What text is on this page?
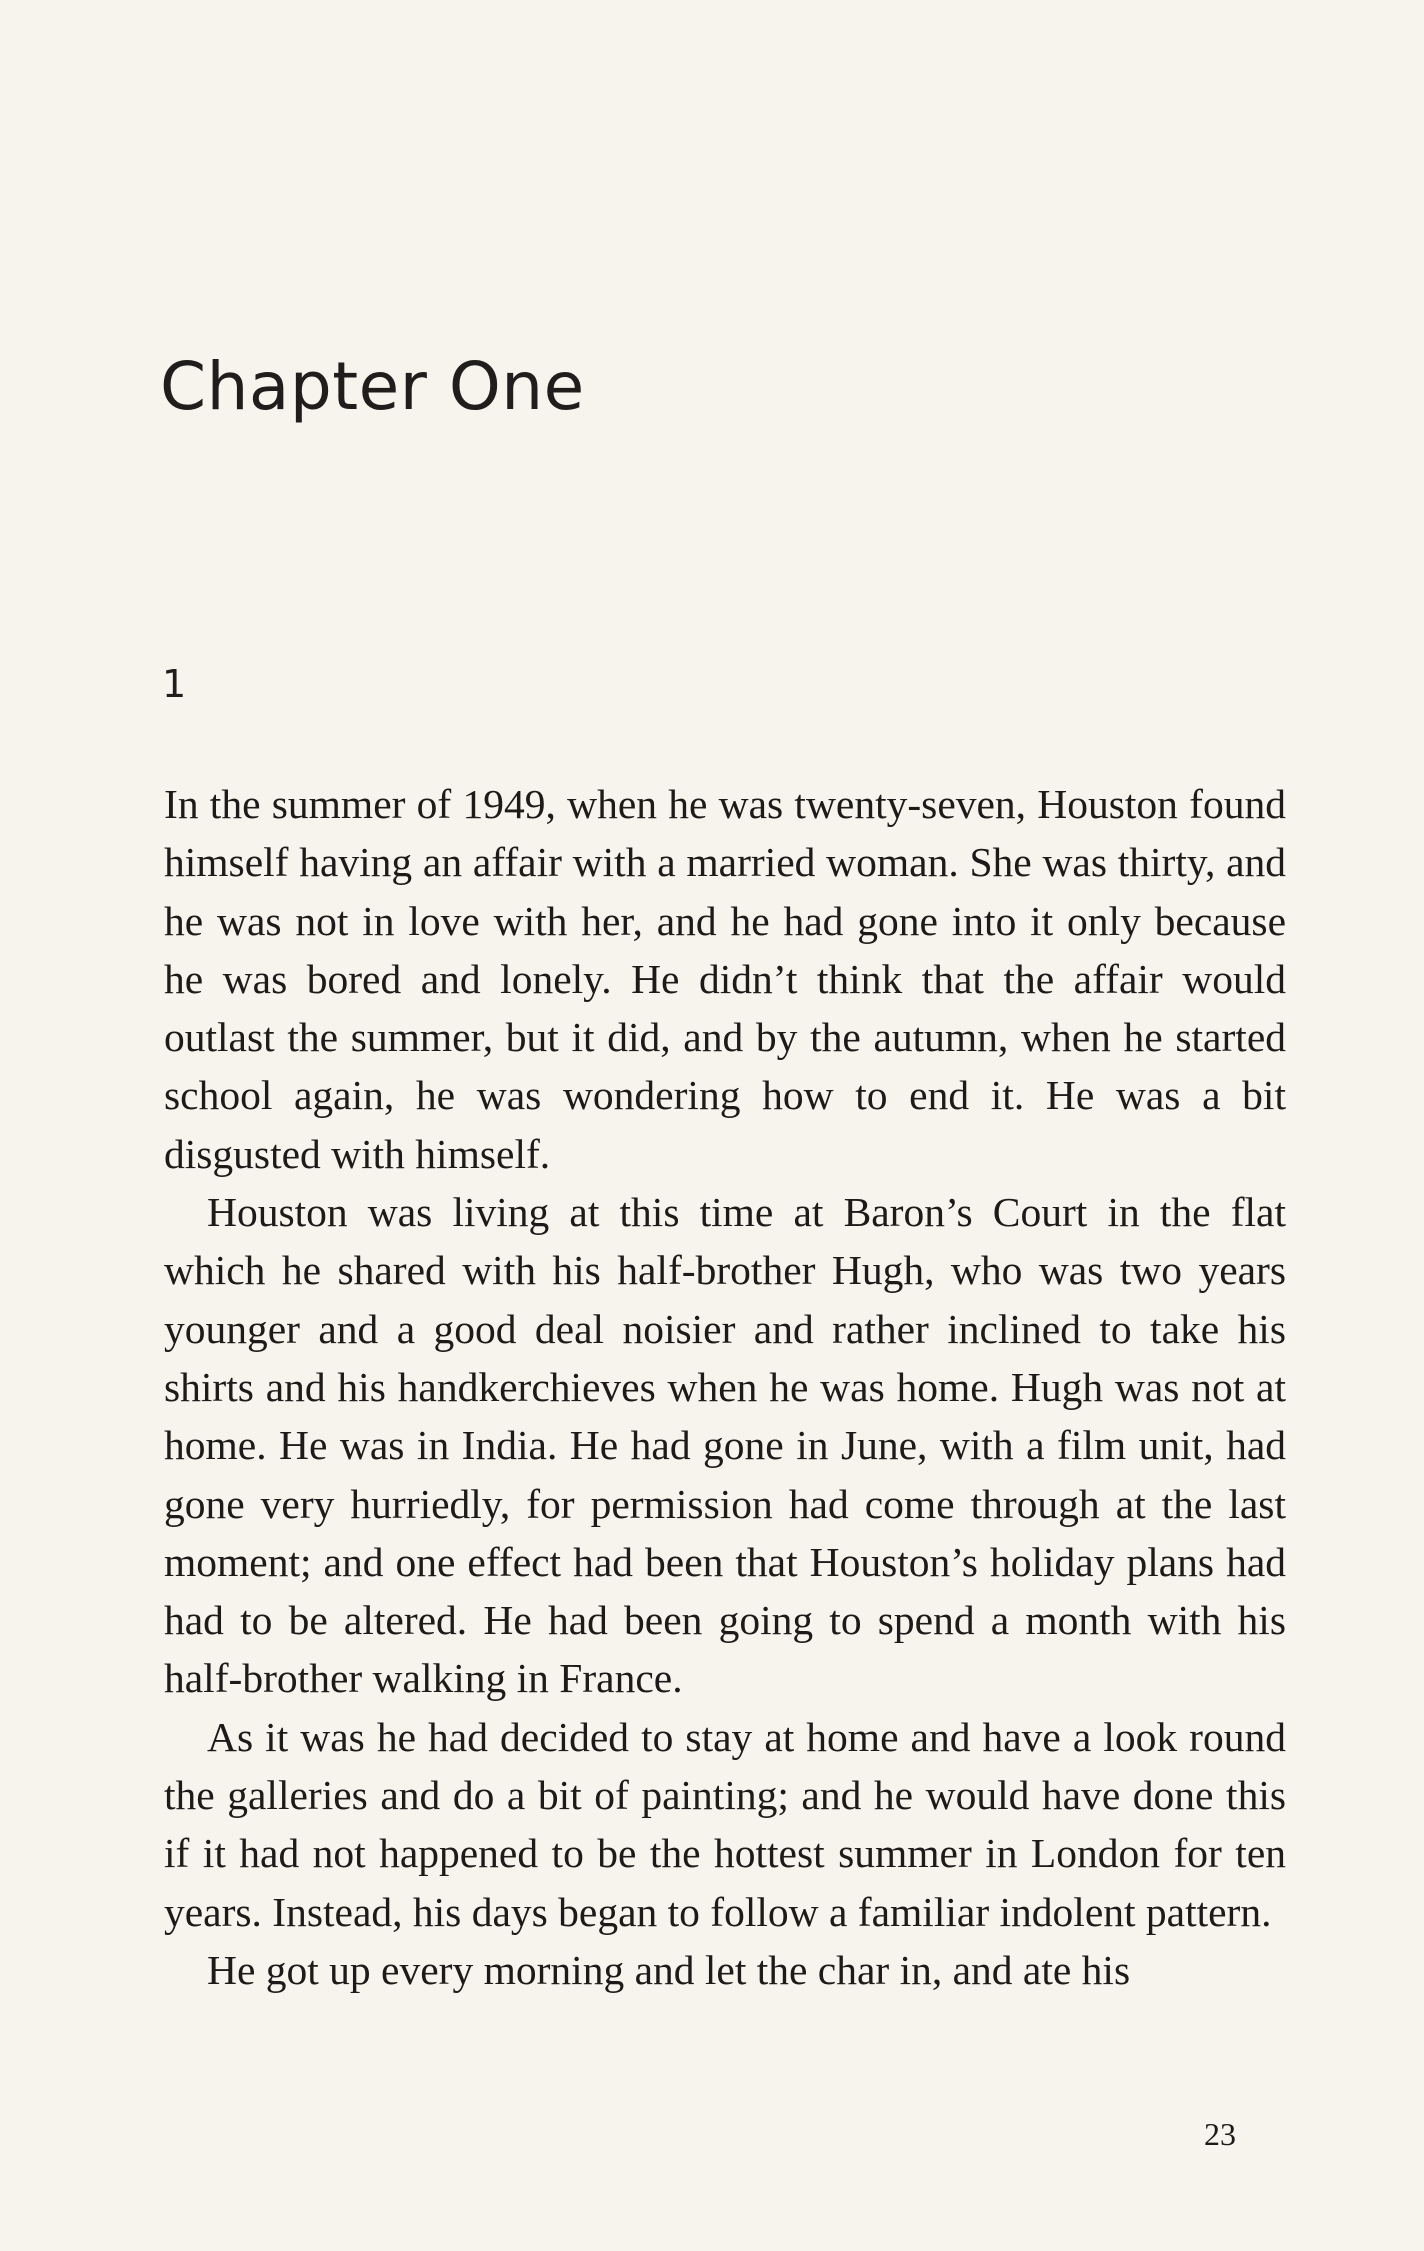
Chapter One
1

In the summer of 1949, when he was twenty-seven, Houston found himself having an affair with a married woman. She was thirty, and he was not in love with her, and he had gone into it only because he was bored and lonely. He didn’t think that the affair would outlast the summer, but it did, and by the autumn, when he started school again, he was wondering how to end it. He was a bit disgusted with himself.

Houston was living at this time at Baron’s Court in the flat which he shared with his half-brother Hugh, who was two years younger and a good deal noisier and rather inclined to take his shirts and his handkerchieves when he was home. Hugh was not at home. He was in India. He had gone in June, with a film unit, had gone very hurriedly, for permission had come through at the last moment; and one effect had been that Houston’s holiday plans had had to be altered. He had been going to spend a month with his half-brother walking in France.

As it was he had decided to stay at home and have a look round the galleries and do a bit of painting; and he would have done this if it had not happened to be the hottest summer in London for ten years. Instead, his days began to follow a familiar indolent pattern.

He got up every morning and let the char in, and ate his

23
